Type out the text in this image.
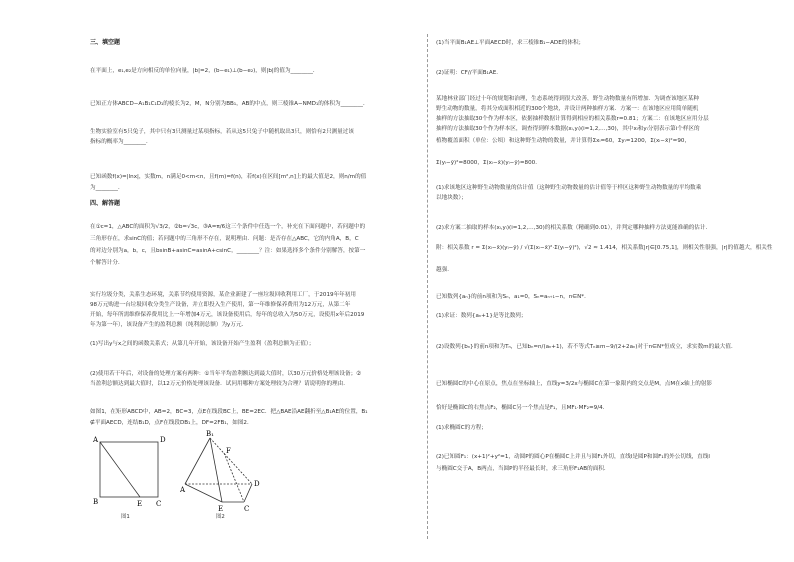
三、填空题
在平面上，e₁,e₂是方向相反的单位向量，|b|=2，(b−e₁)⊥(b−e₂)，则|b|的值为________．
已知正方体ABCD−A₁B₁C₁D₁的棱长为2，M，N分别为BB₁，AB的中点，则三棱锥A−NMD₁的体积为________．
生物实验室有5只兔子，其中只有3只测量过某项指标，若从这5只兔子中随机取出3只，则恰有2只测量过该
指标的概率为________．
已知函数f(x)=|lnx|，实数m，n满足0<m<n，且f(m)=f(n)，若f(x)在区间[m²,n]上的最大值是2，则n/m的值
为________．
四、解答题
在①c=1，△ABC的面积为√3/2，②b=√3c，③A=π/6这三个条件中任选一个，补充在下面问题中，若问题中的
三角形存在，求sinC的值；若问题中的三角形不存在，说明理由．问题：是否存在△ABC，它的内角A，B，C
的对边分别为a，b，c，且bsinB+asinC=asinA+csinC，________？注：如果选择多个条件分别解答，按第一
个解答计分．
实行垃圾分类，关系生态环境，关系节约使用资源，某企业新建了一座垃圾回收利用工厂，于2019年年初用
98万元购进一台垃圾回收分类生产设备，并立即投入生产使用，第一年维修保养费用为12万元，从第二年
开始，每年所需维修保养费用比上一年增加4万元，该设备使用后，每年的总收入为50万元，设使用x年后2019
年为第一年），该设备产生的盈利总额（纯利润总额）为y万元．
(1)写出y与x之间的函数关系式；从第几年开始，该设备开始产生盈利（盈利总额为正值）；
(2)使用若干年后，对设备的处理方案有两种：①当年平均盈利额达到最大值时，以30万元价格处理该设备；②
当盈利总额达到最大值时，以12万元价格处理该设备．试问用哪种方案处理较为合理？请说明你的理由．
如图1，在矩形ABCD中，AB=2，BC=3，点E在线段BC上，BE=2EC．把△BAE沿AE翻折至△B₁AE的位置，B₁
∉平面AECD，连结B₁D，点F在线段DB₁上，DF=2FB₁，如图2．
A	D
B	E C
图1
B₁
F
A
D
E	C
图2
(1)当平面B₁AE⊥平面AECD时，求三棱锥B₁−ADE的体积；
(2)证明：CF//平面B₁AE．
某地林业部门经过十年的规划和治理，生态系统得到很大改善，野生动物数量有所增加．为调查该地区某种
野生动物的数量，将其分成面积相近的300个地块，并设计两种抽样方案．方案一：在该地区应用简单随机
抽样的方法抽取30个作为样本区，依据抽样数据计算得到相应的相关系数r=0.81；方案二：在该地区应用分层
抽样的方法抽取30个作为样本区，调查得到样本数据(xᵢ,yᵢ)(i=1,2,…,30)，其中xᵢ和yᵢ分别表示第i个样区的
植物覆盖面积（单位：公顷）和这种野生动物的数量，并计算得Σxᵢ=60，Σyᵢ=1200，Σ(xᵢ−x̄)²=90，
Σ(yᵢ−ȳ)²=8000，Σ(xᵢ−x̄)(yᵢ−ȳ)=800．
(1)求该地区这种野生动物数量的估计值（这种野生动物数量的估计值等于样区这种野生动物数量的平均数乘
以地块数）；
(2)求方案二抽取的样本(xᵢ,yᵢ)(i=1,2,…,30)的相关系数（精确到0.01），并判定哪种抽样方法更能准确的估计．
附：相关系数 r = Σ(xᵢ−x̄)(yᵢ−ȳ) / √(Σ(xᵢ−x̄)²·Σ(yᵢ−ȳ)²)，√2 ≈ 1.414，相关系数|r|∈[0.75,1]，则相关性很强，|r|的值越大，相关性
越强．
已知数列{aₙ}的前n项和为Sₙ，a₁=0，Sₙ=aₙ₊₁−n，n∈N*．
(1)求证：数列{aₙ+1}是等比数列；
(2)设数列{bₙ}的前n项和为Tₙ，已知bₙ=n/(aₙ+1)，若不等式Tₙ≥m−9/(2+2aₙ)对于n∈N*恒成立，求实数m的最大值．
已知椭圆C的中心在原点，焦点在坐标轴上，直线y=3/2x与椭圆C在第一象限内的交点是M，点M在x轴上的射影
恰好是椭圆C的右焦点F₂，椭圆C另一个焦点是F₁，且MF₁·MF₂=9/4．
(1)求椭圆C的方程；
(2)已知圆F₁：(x+1)²+y²=1，动圆P的圆心P在椭圆C上并且与圆F₁外切，直线l是圆P和圆F₁的外公切线，直线l
与椭圆C交于A，B两点，当圆P的半径最长时，求三角形F₁AB的面积．
